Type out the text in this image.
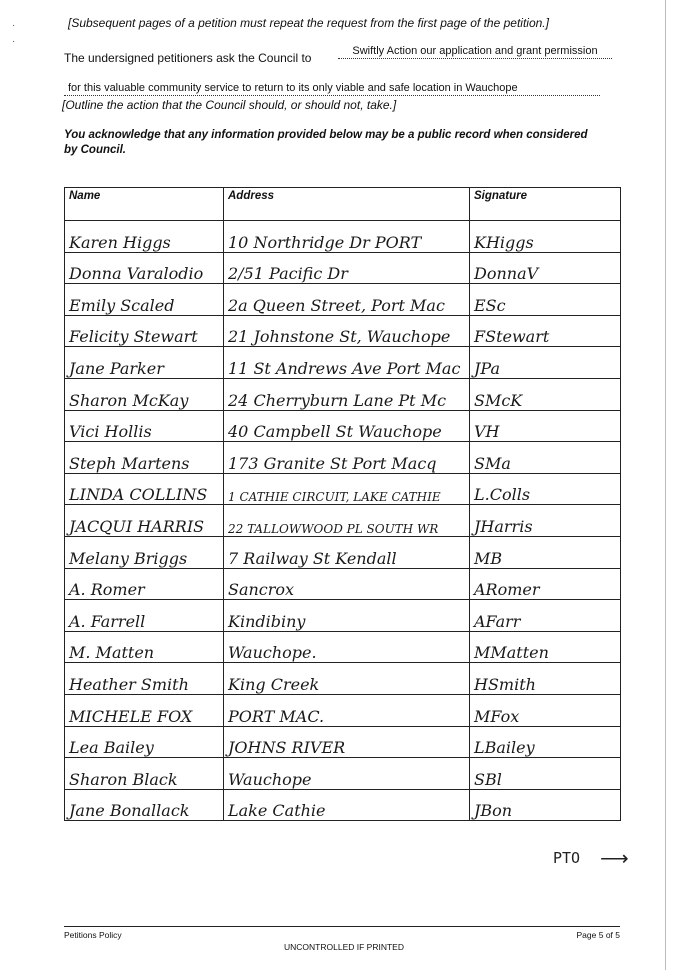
·

·
[Subsequent pages of a petition must repeat the request from the first page of the petition.]
The undersigned petitioners ask the Council to	Swiftly Action our application and grant permission
for this valuable community service to return to its only viable and safe location in Wauchope
[Outline the action that the Council should, or should not, take.]
You acknowledge that any information provided below may be a public record when considered by Council.
Name	Address	Signature
Karen Higgs	10 Northridge Dr PORT	KHiggs
Donna Varalodio	2/51 Pacific Dr	DonnaV
Emily Scaled	2a Queen Street, Port Mac	ESc
Felicity Stewart	21 Johnstone St, Wauchope	FStewart
Jane Parker	11 St Andrews Ave Port Mac	JPa
Sharon McKay	24 Cherryburn Lane Pt Mc	SMcK
Vici Hollis	40 Campbell St Wauchope	VH
Steph Martens	173 Granite St Port Macq	SMa
LINDA COLLINS	1 CATHIE CIRCUIT, LAKE CATHIE	L.Colls
JACQUI HARRIS	22 TALLOWWOOD PL SOUTH WR	JHarris
Melany Briggs	7 Railway St Kendall	MB
A. Romer	Sancrox	ARomer
A. Farrell	Kindibiny	AFarr
M. Matten	Wauchope.	MMatten
Heather Smith	King Creek	HSmith
MICHELE FOX	PORT MAC.	MFox
Lea Bailey	JOHNS RIVER	LBailey
Sharon Black	Wauchope	SBl
Jane Bonallack	Lake Cathie	JBon
PTO ⟶
Petitions Policy
UNCONTROLLED IF PRINTED
Page 5 of 5
